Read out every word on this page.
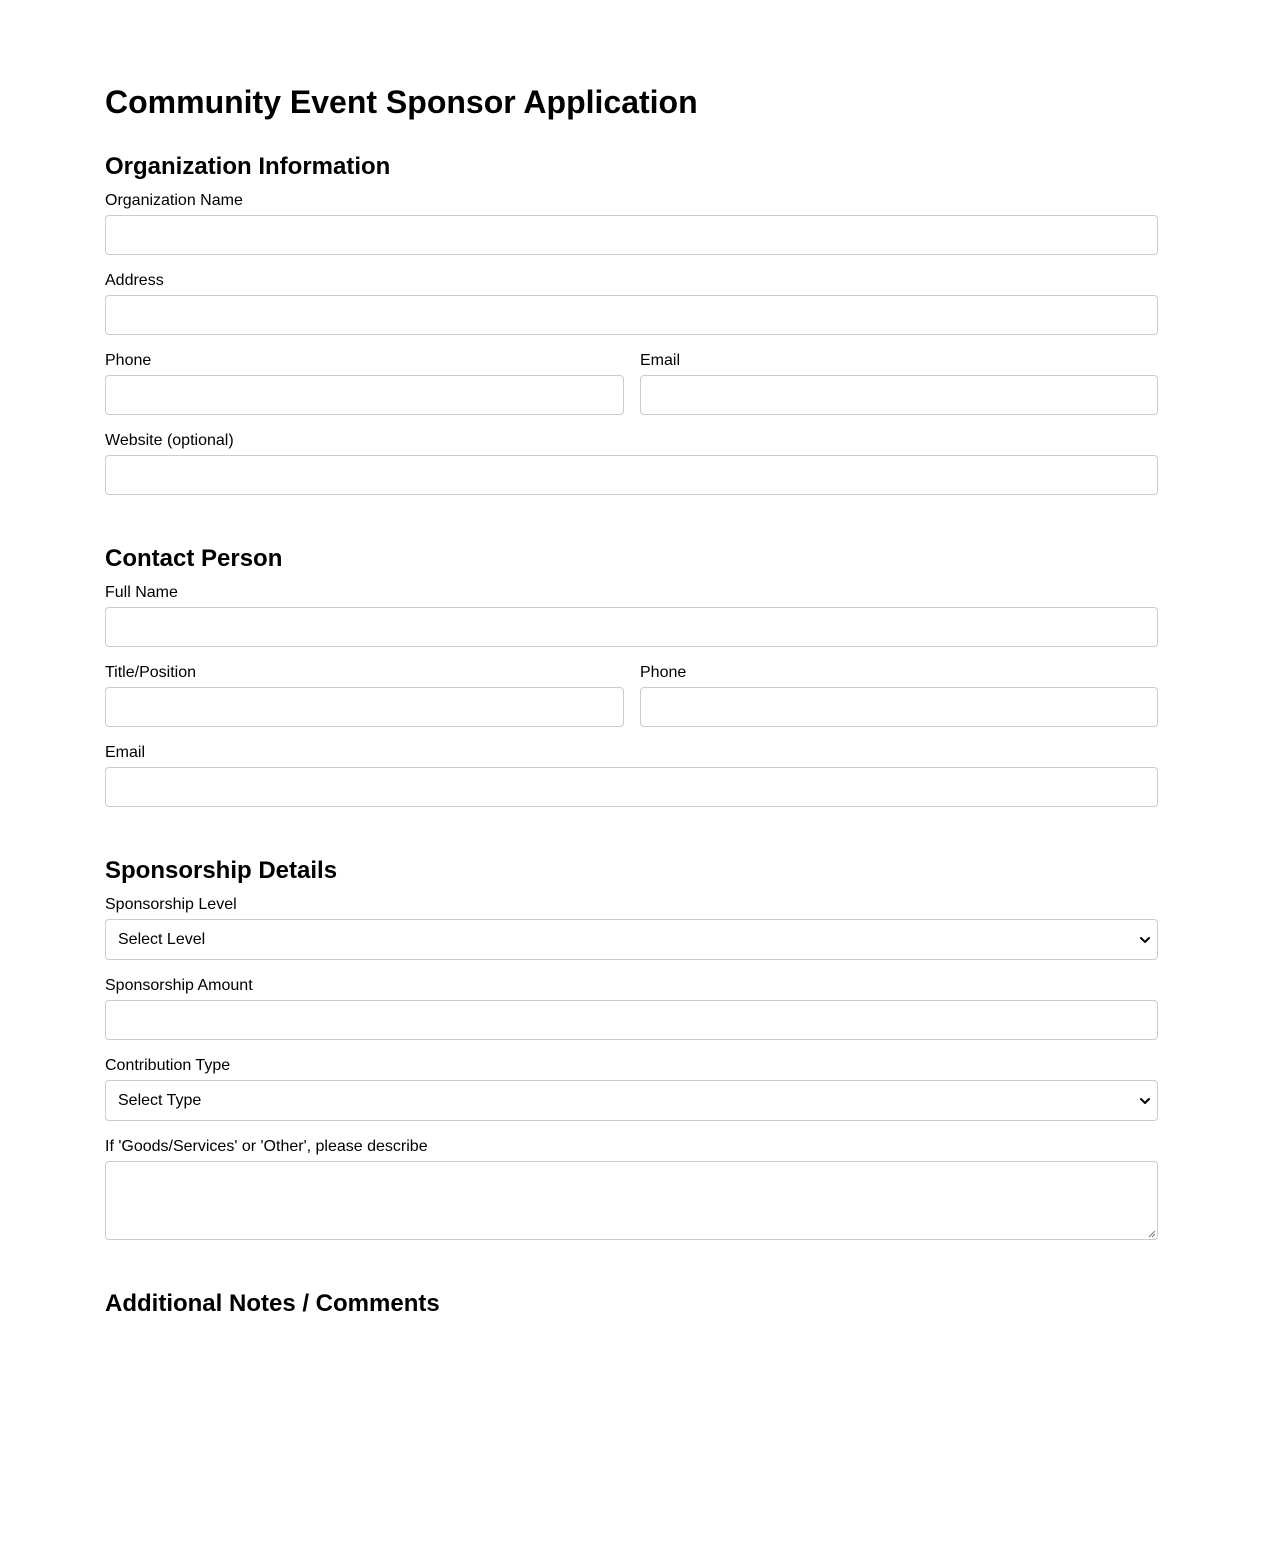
Community Event Sponsor Application
Organization Information
Organization Name
Address
Phone	Email
Website (optional)
Contact Person
Full Name
Title/Position	Phone
Email
Sponsorship Details
Sponsorship Level
Select Level
Sponsorship Amount
Contribution Type
Select Type
If 'Goods/Services' or 'Other', please describe
Additional Notes / Comments
